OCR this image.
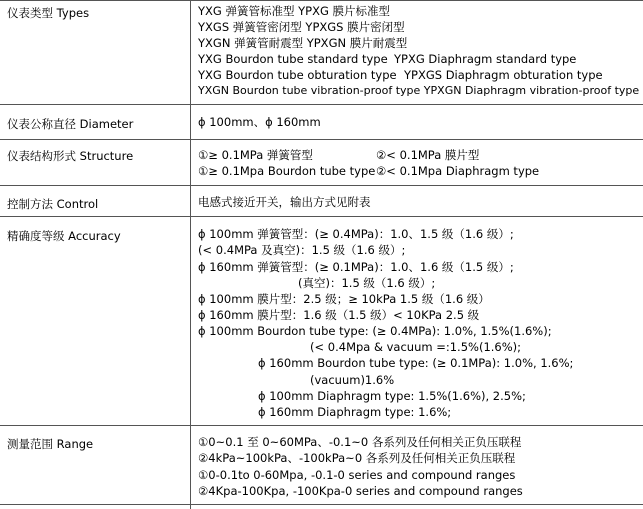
仪表类型 Types	YXG 弹簧管标准型 YPXG 膜片标准型
YXGS 弹簧管密闭型 YPXGS 膜片密闭型
YXGN 弹簧管耐震型 YPXGN 膜片耐震型
YXG Bourdon tube standard type YPXG Diaphragm standard type
YXG Bourdon tube obturation type YPXGS Diaphragm obturation type
YXGN Bourdon tube vibration-proof type YPXGN Diaphragm vibration-proof type
仪表公称直径 Diameter	ϕ 100mm、ϕ 160mm
仪表结构形式 Structure	①≥ 0.1MPa 弹簧管型	②< 0.1MPa 膜片型
①≥ 0.1Mpa Bourdon tube type ②< 0.1Mpa Diaphragm type
控制方法 Control	电感式接近开关，输出方式见附表
精确度等级 Accuracy	ϕ 100mm 弹簧管型：(≥ 0.4MPa)：1.0、1.5 级（1.6 级）;
(< 0.4MPa 及真空)：1.5 级（1.6 级）;
ϕ 160mm 弹簧管型：(≥ 0.1MPa)：1.0、1.6 级（1.5 级）;
(真空)：1.5 级（1.6 级）;
ϕ 100mm 膜片型：2.5 级；≥ 10kPa 1.5 级（1.6 级）
ϕ 160mm 膜片型：1.6 级（1.5 级）< 10KPa 2.5 级
ϕ 100mm Bourdon tube type: (≥ 0.4MPa): 1.0%, 1.5%(1.6%);
(< 0.4Mpa & vacuum =:1.5%(1.6%);
ϕ 160mm Bourdon tube type: (≥ 0.1MPa): 1.0%, 1.6%;
(vacuum)1.6%
ϕ 100mm Diaphragm type: 1.5%(1.6%), 2.5%;
ϕ 160mm Diaphragm type: 1.6%;
测量范围 Range	①0~0.1 至 0~60MPa、-0.1~0 各系列及任何相关正负压联程
②4kPa~100kPa、-100kPa~0 各系列及任何相关正负压联程
①0-0.1to 0-60Mpa, -0.1-0 series and compound ranges
②4Kpa-100Kpa, -100Kpa-0 series and compound ranges
